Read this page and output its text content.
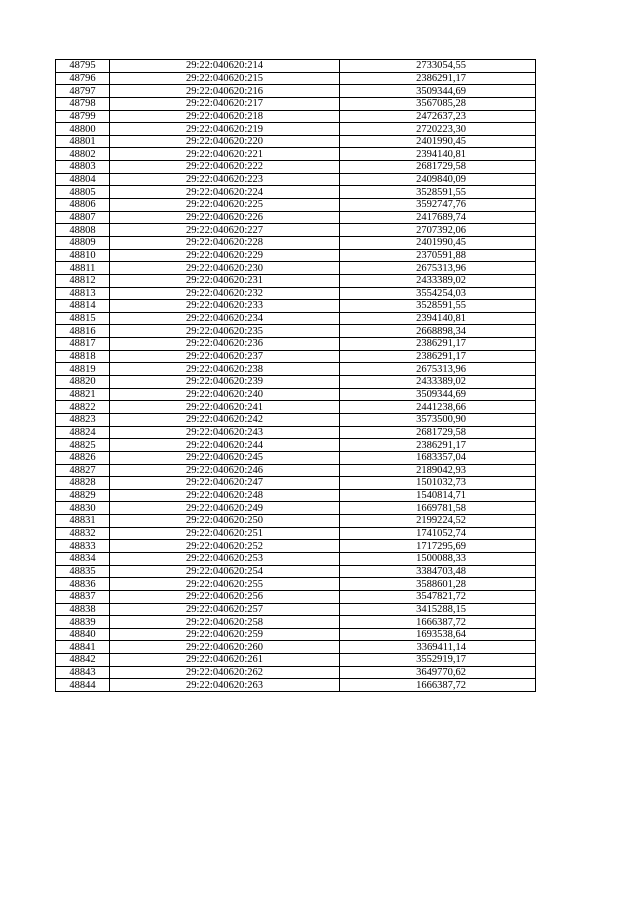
48795	29:22:040620:214	2733054,55
48796	29:22:040620:215	2386291,17
48797	29:22:040620:216	3509344,69
48798	29:22:040620:217	3567085,28
48799	29:22:040620:218	2472637,23
48800	29:22:040620:219	2720223,30
48801	29:22:040620:220	2401990,45
48802	29:22:040620:221	2394140,81
48803	29:22:040620:222	2681729,58
48804	29:22:040620:223	2409840,09
48805	29:22:040620:224	3528591,55
48806	29:22:040620:225	3592747,76
48807	29:22:040620:226	2417689,74
48808	29:22:040620:227	2707392,06
48809	29:22:040620:228	2401990,45
48810	29:22:040620:229	2370591,88
48811	29:22:040620:230	2675313,96
48812	29:22:040620:231	2433389,02
48813	29:22:040620:232	3554254,03
48814	29:22:040620:233	3528591,55
48815	29:22:040620:234	2394140,81
48816	29:22:040620:235	2668898,34
48817	29:22:040620:236	2386291,17
48818	29:22:040620:237	2386291,17
48819	29:22:040620:238	2675313,96
48820	29:22:040620:239	2433389,02
48821	29:22:040620:240	3509344,69
48822	29:22:040620:241	2441238,66
48823	29:22:040620:242	3573500,90
48824	29:22:040620:243	2681729,58
48825	29:22:040620:244	2386291,17
48826	29:22:040620:245	1683357,04
48827	29:22:040620:246	2189042,93
48828	29:22:040620:247	1501032,73
48829	29:22:040620:248	1540814,71
48830	29:22:040620:249	1669781,58
48831	29:22:040620:250	2199224,52
48832	29:22:040620:251	1741052,74
48833	29:22:040620:252	1717295,69
48834	29:22:040620:253	1500088,33
48835	29:22:040620:254	3384703,48
48836	29:22:040620:255	3588601,28
48837	29:22:040620:256	3547821,72
48838	29:22:040620:257	3415288,15
48839	29:22:040620:258	1666387,72
48840	29:22:040620:259	1693538,64
48841	29:22:040620:260	3369411,14
48842	29:22:040620:261	3552919,17
48843	29:22:040620:262	3649770,62
48844	29:22:040620:263	1666387,72
